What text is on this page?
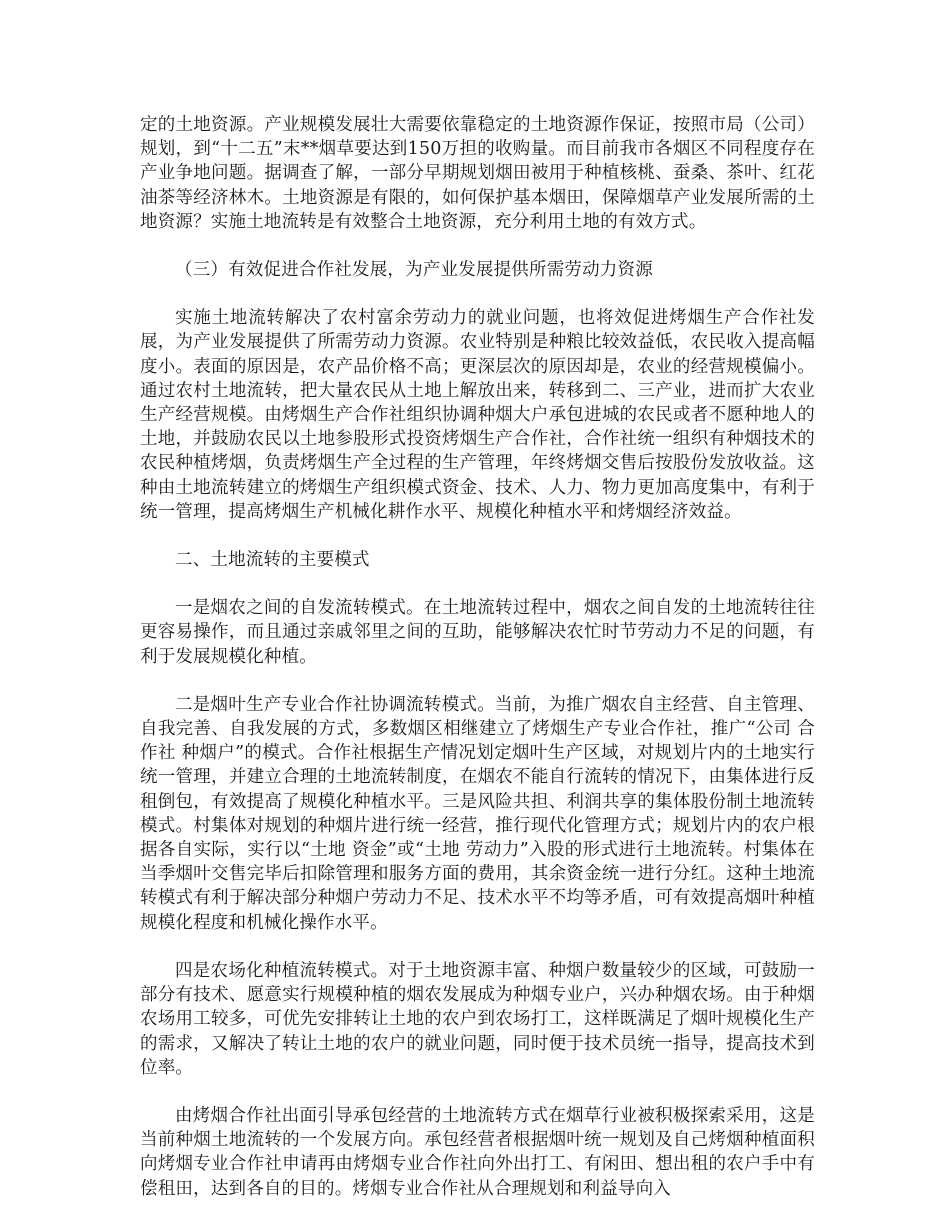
定的土地资源。产业规模发展壮大需要依靠稳定的土地资源作保证，按照市局（公司）规划，到“十二五”末**烟草要达到150万担的收购量。而目前我市各烟区不同程度存在产业争地问题。据调查了解，一部分早期规划烟田被用于种植核桃、蚕桑、茶叶、红花油茶等经济林木。土地资源是有限的，如何保护基本烟田，保障烟草产业发展所需的土地资源？实施土地流转是有效整合土地资源，充分利用土地的有效方式。

（三）有效促进合作社发展，为产业发展提供所需劳动力资源

实施土地流转解决了农村富余劳动力的就业问题，也将效促进烤烟生产合作社发展，为产业发展提供了所需劳动力资源。农业特别是种粮比较效益低，农民收入提高幅度小。表面的原因是，农产品价格不高；更深层次的原因却是，农业的经营规模偏小。通过农村土地流转，把大量农民从土地上解放出来，转移到二、三产业，进而扩大农业生产经营规模。由烤烟生产合作社组织协调种烟大户承包进城的农民或者不愿种地人的土地，并鼓励农民以土地参股形式投资烤烟生产合作社，合作社统一组织有种烟技术的农民种植烤烟，负责烤烟生产全过程的生产管理，年终烤烟交售后按股份发放收益。这种由土地流转建立的烤烟生产组织模式资金、技术、人力、物力更加高度集中，有利于统一管理，提高烤烟生产机械化耕作水平、规模化种植水平和烤烟经济效益。

二、土地流转的主要模式

一是烟农之间的自发流转模式。在土地流转过程中，烟农之间自发的土地流转往往更容易操作，而且通过亲戚邻里之间的互助，能够解决农忙时节劳动力不足的问题，有利于发展规模化种植。

二是烟叶生产专业合作社协调流转模式。当前，为推广烟农自主经营、自主管理、自我完善、自我发展的方式，多数烟区相继建立了烤烟生产专业合作社，推广“公司 合作社 种烟户”的模式。合作社根据生产情况划定烟叶生产区域，对规划片内的土地实行统一管理，并建立合理的土地流转制度，在烟农不能自行流转的情况下，由集体进行反租倒包，有效提高了规模化种植水平。三是风险共担、利润共享的集体股份制土地流转模式。村集体对规划的种烟片进行统一经营，推行现代化管理方式；规划片内的农户根据各自实际，实行以“土地 资金”或“土地 劳动力”入股的形式进行土地流转。村集体在当季烟叶交售完毕后扣除管理和服务方面的费用，其余资金统一进行分红。这种土地流转模式有利于解决部分种烟户劳动力不足、技术水平不均等矛盾，可有效提高烟叶种植规模化程度和机械化操作水平。

四是农场化种植流转模式。对于土地资源丰富、种烟户数量较少的区域，可鼓励一部分有技术、愿意实行规模种植的烟农发展成为种烟专业户，兴办种烟农场。由于种烟农场用工较多，可优先安排转让土地的农户到农场打工，这样既满足了烟叶规模化生产的需求，又解决了转让土地的农户的就业问题，同时便于技术员统一指导，提高技术到位率。

由烤烟合作社出面引导承包经营的土地流转方式在烟草行业被积极探索采用，这是当前种烟土地流转的一个发展方向。承包经营者根据烟叶统一规划及自己烤烟种植面积向烤烟专业合作社申请再由烤烟专业合作社向外出打工、有闲田、想出租的农户手中有偿租田，达到各自的目的。烤烟专业合作社从合理规划和利益导向入
